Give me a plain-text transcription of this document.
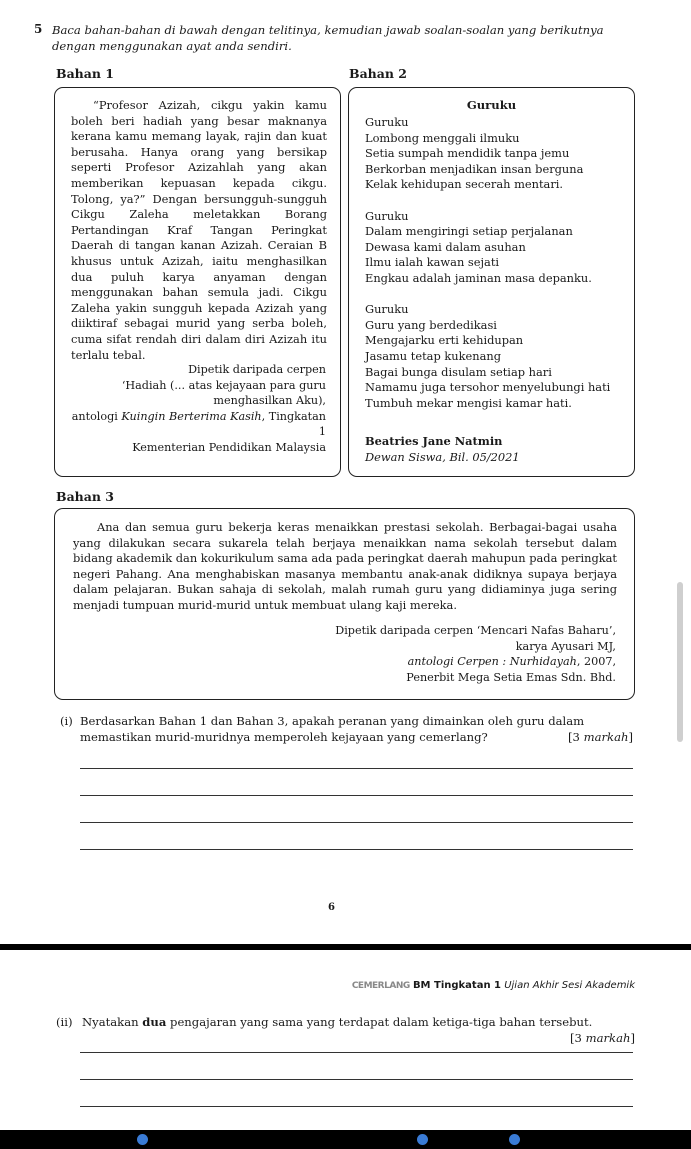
5 Baca bahan-bahan di bawah dengan telitinya, kemudian jawab soalan-soalan yang berikutnya dengan menggunakan ayat anda sendiri.
Bahan 1
“Profesor Azizah, cikgu yakin kamu boleh beri hadiah yang besar maknanya kerana kamu memang layak, rajin dan kuat berusaha. Hanya orang yang bersikap seperti Profesor Azizahlah yang akan memberikan kepuasan kepada cikgu. Tolong, ya?” Dengan bersungguh-sungguh Cikgu Zaleha meletakkan Borang Pertandingan Kraf Tangan Peringkat Daerah di tangan kanan Azizah. Ceraian B khusus untuk Azizah, iaitu menghasilkan dua puluh karya anyaman dengan menggunakan bahan semula jadi. Cikgu Zaleha yakin sungguh kepada Azizah yang diiktiraf sebagai murid yang serba boleh, cuma sifat rendah diri dalam diri Azizah itu terlalu tebal.
Dipetik daripada cerpen
‘Hadiah (... atas kejayaan para guru
menghasilkan Aku),
antologi Kuingin Berterima Kasih, Tingkatan 1
Kementerian Pendidikan Malaysia
Bahan 2
Guruku

Guruku

Lombong menggali ilmuku

Setia sumpah mendidik tanpa jemu

Berkorban menjadikan insan berguna

Kelak kehidupan secerah mentari.

Guruku

Dalam mengiringi setiap perjalanan

Dewasa kami dalam asuhan

Ilmu ialah kawan sejati

Engkau adalah jaminan masa depanku.

Guruku

Guru yang berdedikasi

Mengajarku erti kehidupan

Jasamu tetap kukenang

Bagai bunga disulam setiap hari

Namamu juga tersohor menyelubungi hati

Tumbuh mekar mengisi kamar hati.

Beatries Jane Natmin
Dewan Siswa, Bil. 05/2021
Bahan 3
Ana dan semua guru bekerja keras menaikkan prestasi sekolah. Berbagai-bagai usaha yang dilakukan secara sukarela telah berjaya menaikkan nama sekolah tersebut dalam bidang akademik dan kokurikulum sama ada pada peringkat daerah mahupun pada peringkat negeri Pahang. Ana menghabiskan masanya membantu anak-anak didiknya supaya berjaya dalam pelajaran. Bukan sahaja di sekolah, malah rumah guru yang didiaminya juga sering menjadi tumpuan murid-murid untuk membuat ulang kaji mereka.
Dipetik daripada cerpen ‘Mencari Nafas Baharu’,
karya Ayusari MJ,
antologi Cerpen : Nurhidayah, 2007,
Penerbit Mega Setia Emas Sdn. Bhd.
(i) Berdasarkan Bahan 1 dan Bahan 3, apakah peranan yang dimainkan oleh guru dalam memastikan murid-muridnya memperoleh kejayaan yang cemerlang?	[3 markah]
6
CEMERLANG BM Tingkatan 1 Ujian Akhir Sesi Akademik
(ii) Nyatakan dua pengajaran yang sama yang terdapat dalam ketiga-tiga bahan tersebut.
[3 markah]
